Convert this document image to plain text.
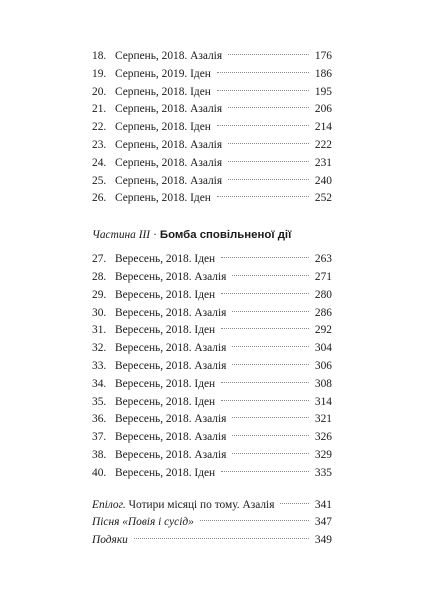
18. Серпень, 2018. Азалія	176
19. Серпень, 2019. Іден	186
20. Серпень, 2018. Іден	195
21. Серпень, 2018. Азалія	206
22. Серпень, 2018. Іден	214
23. Серпень, 2018. Азалія	222
24. Серпень, 2018. Азалія	231
25. Серпень, 2018. Азалія	240
26. Серпень, 2018. Іден	252
Частина III · Бомба сповільненої дії
27. Вересень, 2018. Іден	263
28. Вересень, 2018. Азалія	271
29. Вересень, 2018. Іден	280
30. Вересень, 2018. Азалія	286
31. Вересень, 2018. Іден	292
32. Вересень, 2018. Азалія	304
33. Вересень, 2018. Азалія	306
34. Вересень, 2018. Іден	308
35. Вересень, 2018. Іден	314
36. Вересень, 2018. Азалія	321
37. Вересень, 2018. Азалія	326
38. Вересень, 2018. Азалія	329
40. Вересень, 2018. Іден	335
Епілог. Чотири місяці по тому. Азалія	341
Пісня «Повія і сусід»	347
Подяки	349
